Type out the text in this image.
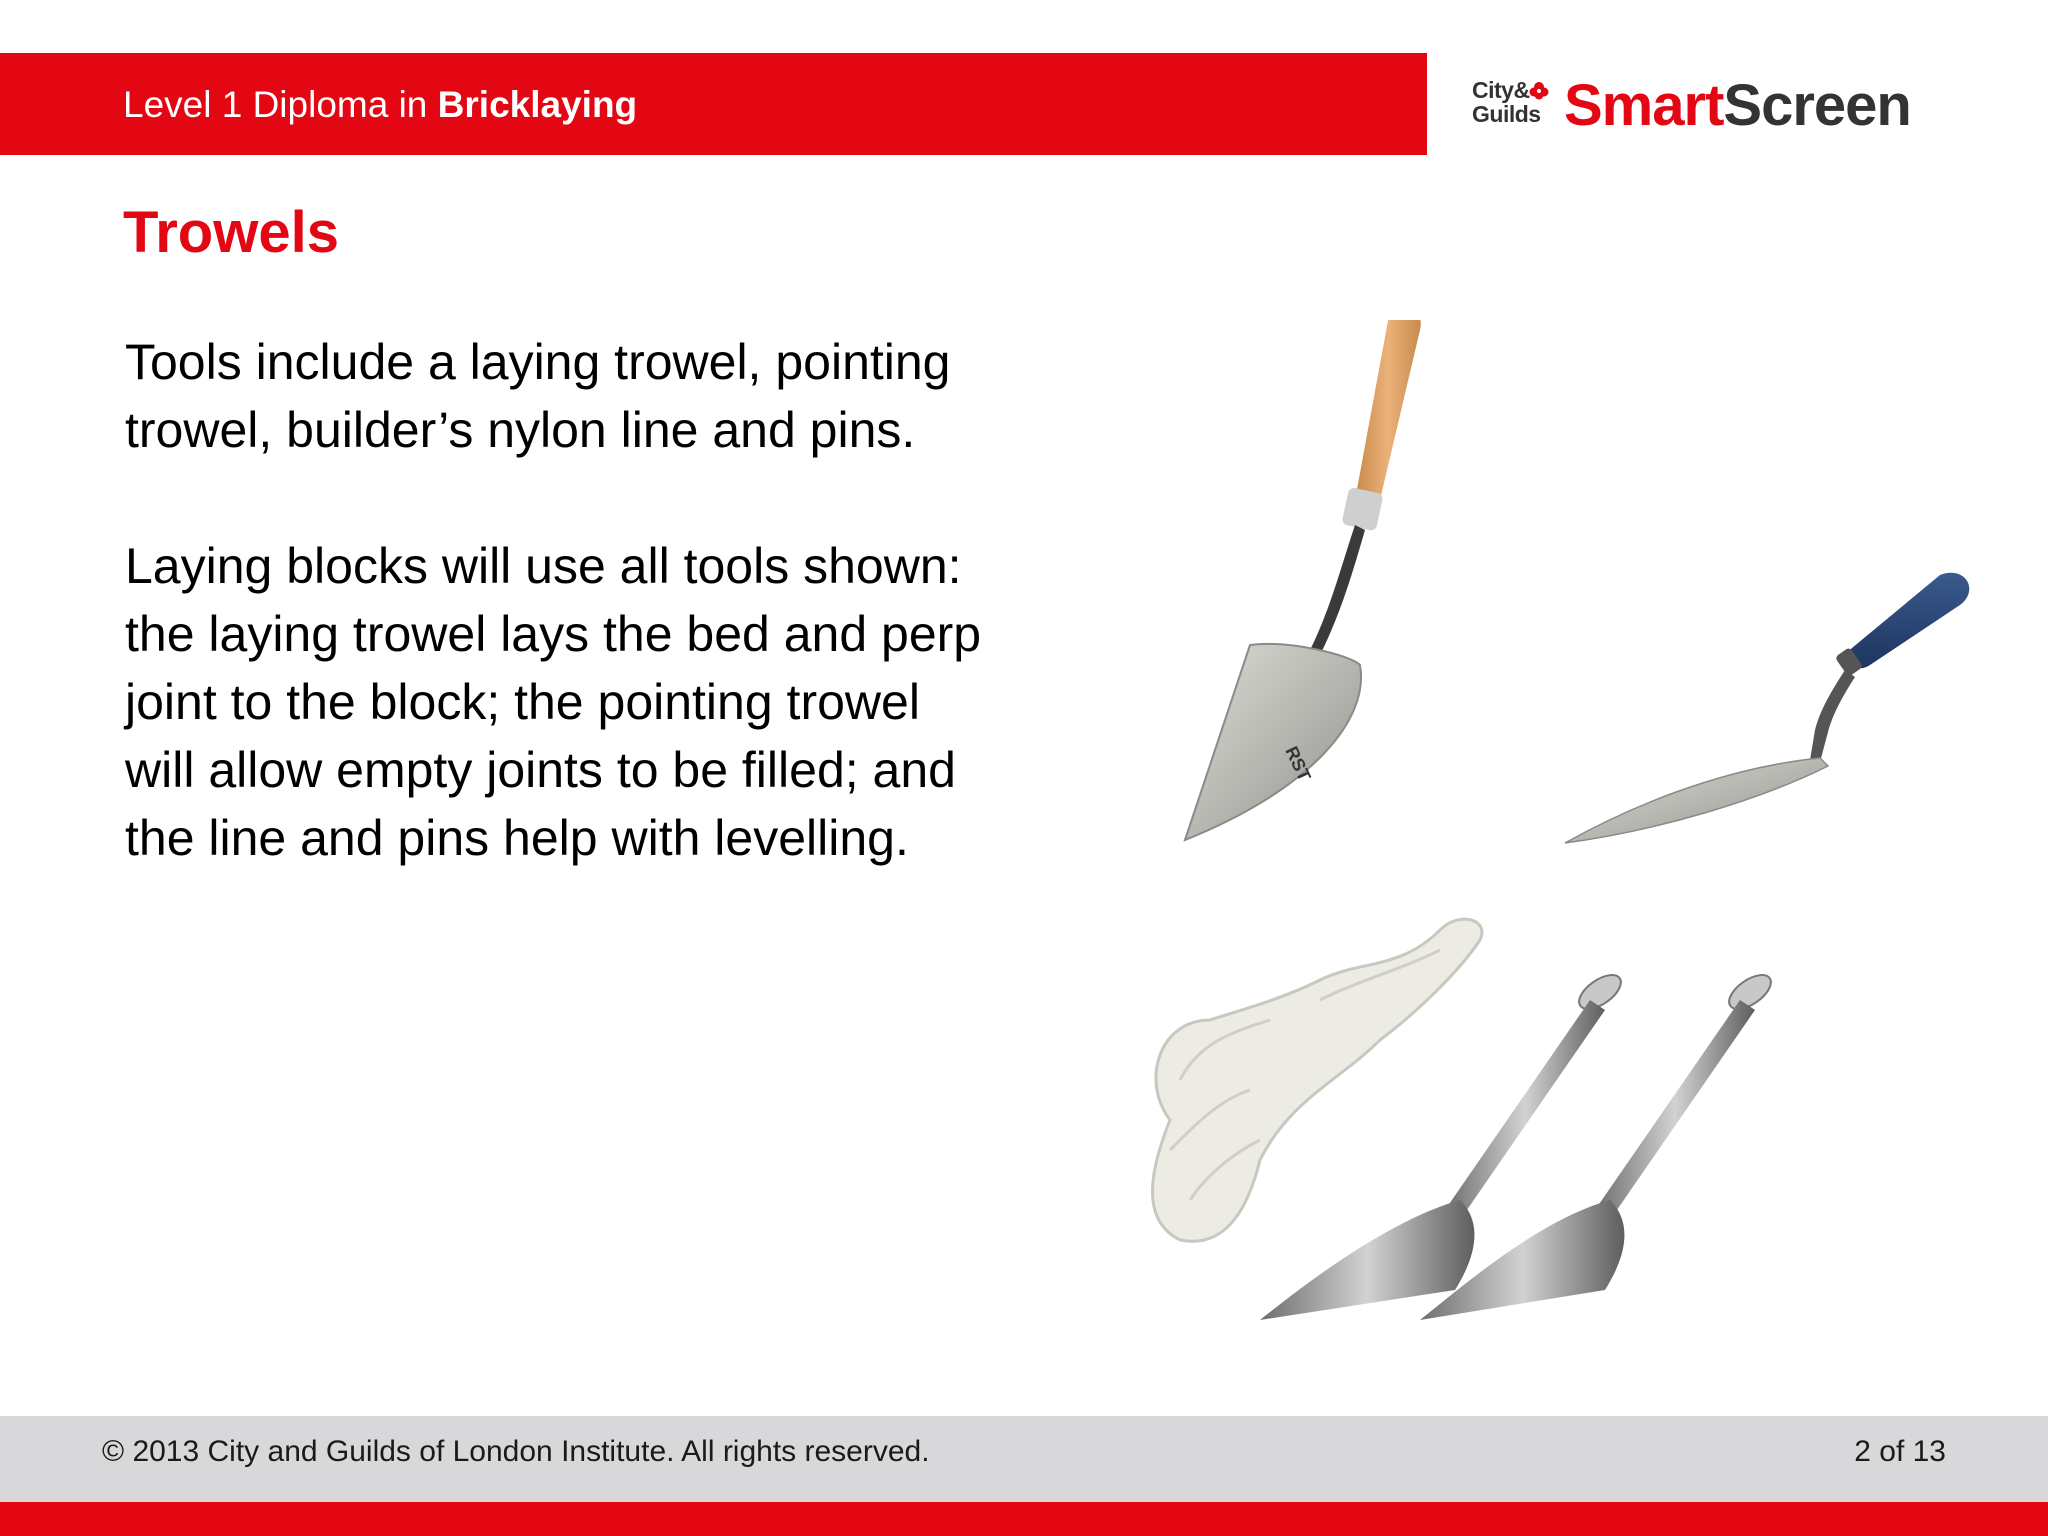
Level 1 Diploma in Bricklaying	City&
Guilds SmartScreen
Trowels

Tools include a laying trowel, pointing trowel, builder’s nylon line and pins.

Laying blocks will use all tools shown: the laying trowel lays the bed and perp joint to the block; the pointing trowel will allow empty joints to be filled; and the line and pins help with levelling.

RST
© 2013 City and Guilds of London Institute. All rights reserved.	2 of 13
